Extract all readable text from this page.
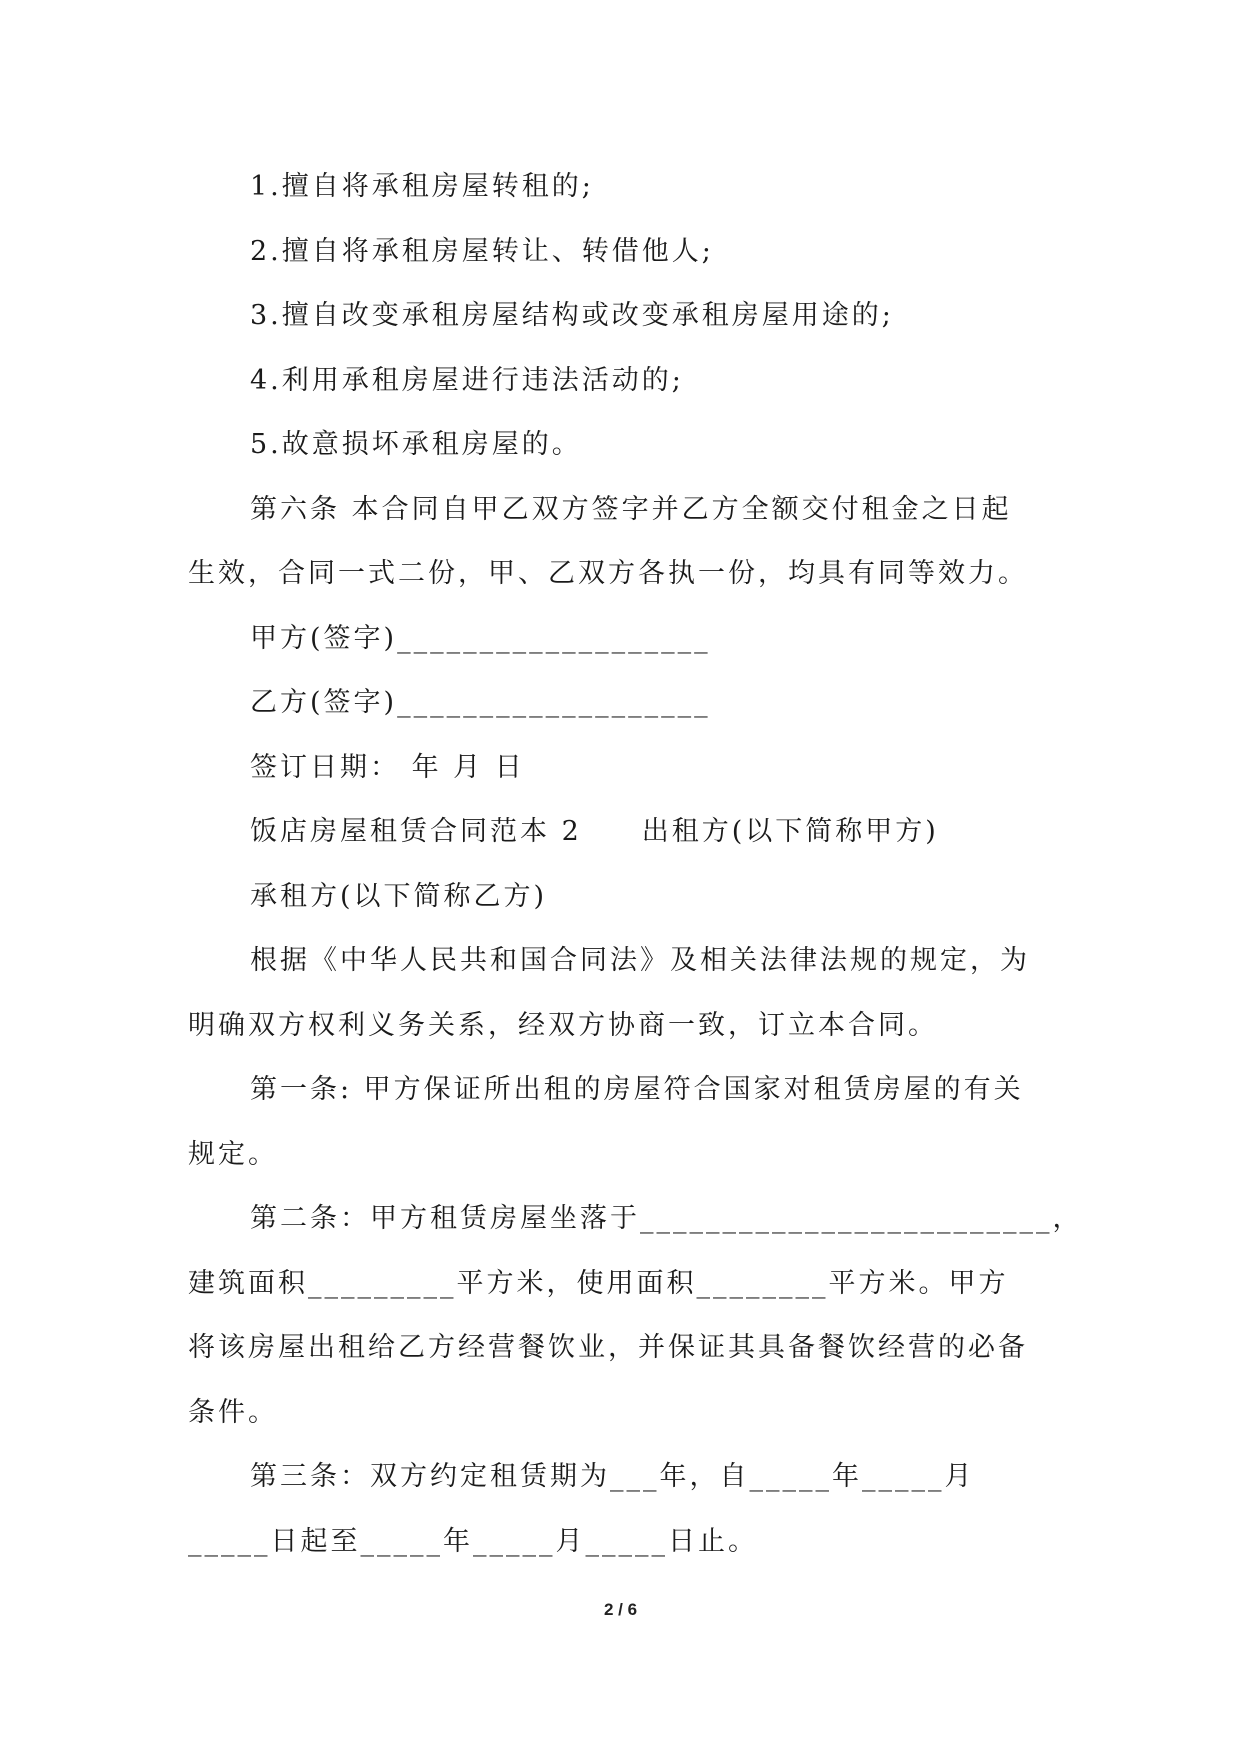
1.擅自将承租房屋转租的;
2.擅自将承租房屋转让、转借他人;
3.擅自改变承租房屋结构或改变承租房屋用途的;
4.利用承租房屋进行违法活动的;
5.故意损坏承租房屋的。
第六条 本合同自甲乙双方签字并乙方全额交付租金之日起
生效，合同一式二份，甲、乙双方各执一份，均具有同等效力。
甲方(签字)___________________
乙方(签字)___________________
签订日期： 年 月 日
饭店房屋租赁合同范本 2 出租方(以下简称甲方)
承租方(以下简称乙方)
根据《中华人民共和国合同法》及相关法律法规的规定，为
明确双方权利义务关系，经双方协商一致，订立本合同。
第一条: 甲方保证所出租的房屋符合国家对租赁房屋的有关
规定。
第二条：甲方租赁房屋坐落于_________________________，
建筑面积_________平方米，使用面积________平方米。甲方
将该房屋出租给乙方经营餐饮业，并保证其具备餐饮经营的必备
条件。
第三条：双方约定租赁期为___年，自_____年_____月
_____日起至_____年_____月_____日止。
2 / 6
